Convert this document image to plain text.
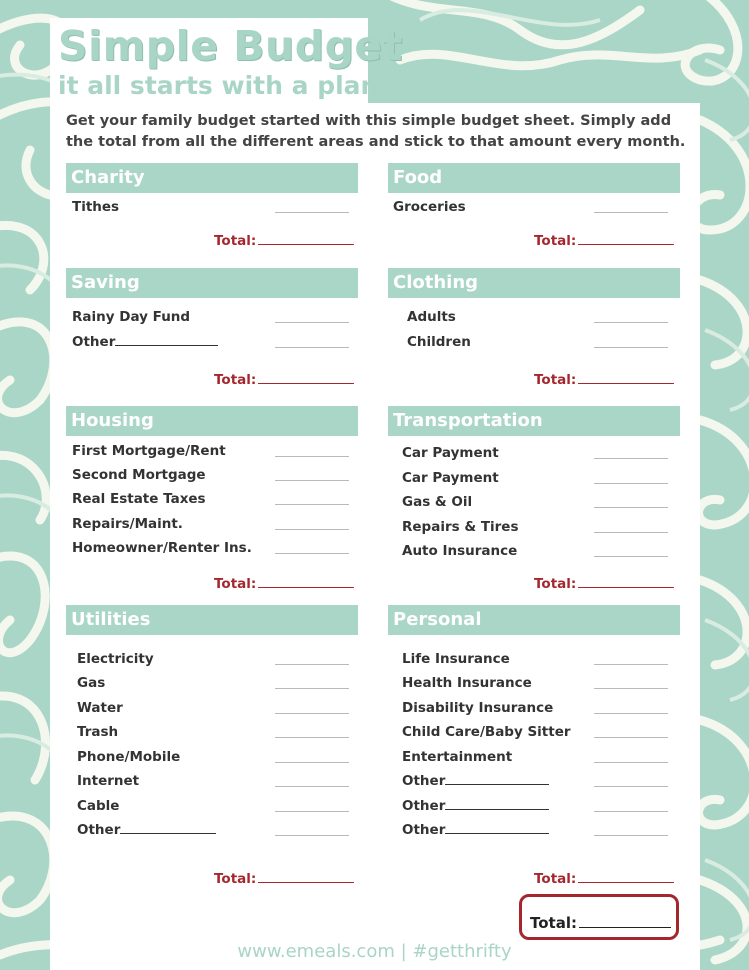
Simple Budget
it all starts with a plan
Get your family budget started with this simple budget sheet. Simply add the total from all the different areas and stick to that amount every month.
Charity	Food
Saving	Clothing
Housing	Transportation
Utilities	Personal
Tithes
Total:
Groceries
Total:
Rainy Day Fund
Other
Total:
Adults
Children
Total:
First Mortgage/Rent
Second Mortgage
Real Estate Taxes
Repairs/Maint.
Homeowner/Renter Ins.
Total:
Car Payment
Car Payment
Gas & Oil
Repairs & Tires
Auto Insurance
Total:
Electricity
Gas
Water
Trash
Phone/Mobile
Internet
Cable
Other
Total:
Life Insurance
Health Insurance
Disability Insurance
Child Care/Baby Sitter
Entertainment
Other
Other
Other
Total:
Total:
www.emeals.com | #getthrifty
